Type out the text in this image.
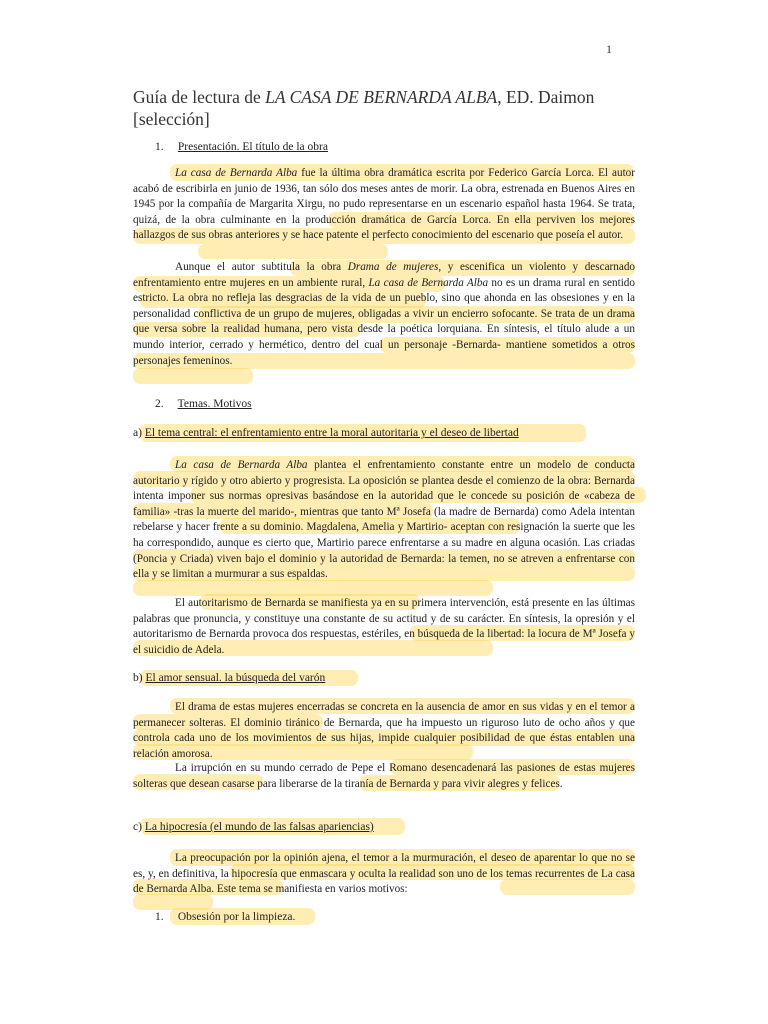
1
Guía de lectura de LA CASA DE BERNARDA ALBA, ED. Daimon
[selección]
1. Presentación. El título de la obra
La casa de Bernarda Alba fue la última obra dramática escrita por Federico García Lorca. El autor acabó de escribirla en junio de 1936, tan sólo dos meses antes de morir. La obra, estrenada en Buenos Aires en 1945 por la compañía de Margarita Xirgu, no pudo representarse en un escenario español hasta 1964. Se trata, quizá, de la obra culminante en la producción dramática de García Lorca. En ella perviven los mejores hallazgos de sus obras anteriores y se hace patente el perfecto conocimiento del escenario que poseía el autor.
Aunque el autor subtitula la obra Drama de mujeres, y escenifica un violento y descarnado enfrentamiento entre mujeres en un ambiente rural, La casa de Bernarda Alba no es un drama rural en sentido estricto. La obra no refleja las desgracias de la vida de un pueblo, sino que ahonda en las obsesiones y en la personalidad conflictiva de un grupo de mujeres, obligadas a vivir un encierro sofocante. Se trata de un drama que versa sobre la realidad humana, pero vista desde la poética lorquiana. En síntesis, el título alude a un mundo interior, cerrado y hermético, dentro del cual un personaje -Bernarda- mantiene sometidos a otros personajes femeninos.
2. Temas. Motivos
a) El tema central: el enfrentamiento entre la moral autoritaria y el deseo de libertad
La casa de Bernarda Alba plantea el enfrentamiento constante entre un modelo de conducta autoritario y rígido y otro abierto y progresista. La oposición se plantea desde el comienzo de la obra: Bernarda intenta imponer sus normas opresivas basándose en la autoridad que le concede su posición de «cabeza de familia» -tras la muerte del marido-, mientras que tanto Mª Josefa (la madre de Bernarda) como Adela intentan rebelarse y hacer frente a su dominio. Magdalena, Amelia y Martirio- aceptan con resignación la suerte que les ha correspondido, aunque es cierto que, Martirio parece enfrentarse a su madre en alguna ocasión. Las criadas (Poncia y Criada) viven bajo el dominio y la autoridad de Bernarda: la temen, no se atreven a enfrentarse con ella y se limitan a murmurar a sus espaldas.
El autoritarismo de Bernarda se manifiesta ya en su primera intervención, está presente en las últimas palabras que pronuncia, y constituye una constante de su actitud y de su carácter. En síntesis, la opresión y el autoritarismo de Bernarda provoca dos respuestas, estériles, en búsqueda de la libertad: la locura de Mª Josefa y el suicidio de Adela.
b) El amor sensual. la búsqueda del varón
El drama de estas mujeres encerradas se concreta en la ausencia de amor en sus vidas y en el temor a permanecer solteras. El dominio tiránico de Bernarda, que ha impuesto un riguroso luto de ocho años y que controla cada uno de los movimientos de sus hijas, impide cualquier posibilidad de que éstas entablen una relación amorosa.
La irrupción en su mundo cerrado de Pepe el Romano desencadenará las pasiones de estas mujeres solteras que desean casarse para liberarse de la tiranía de Bernarda y para vivir alegres y felices.
c) La hipocresía (el mundo de las falsas apariencias)
La preocupación por la opinión ajena, el temor a la murmuración, el deseo de aparentar lo que no se es, y, en definitiva, la hipocresía que enmascara y oculta la realidad son uno de los temas recurrentes de La casa de Bernarda Alba. Este tema se manifiesta en varios motivos:
1. Obsesión por la limpieza.
